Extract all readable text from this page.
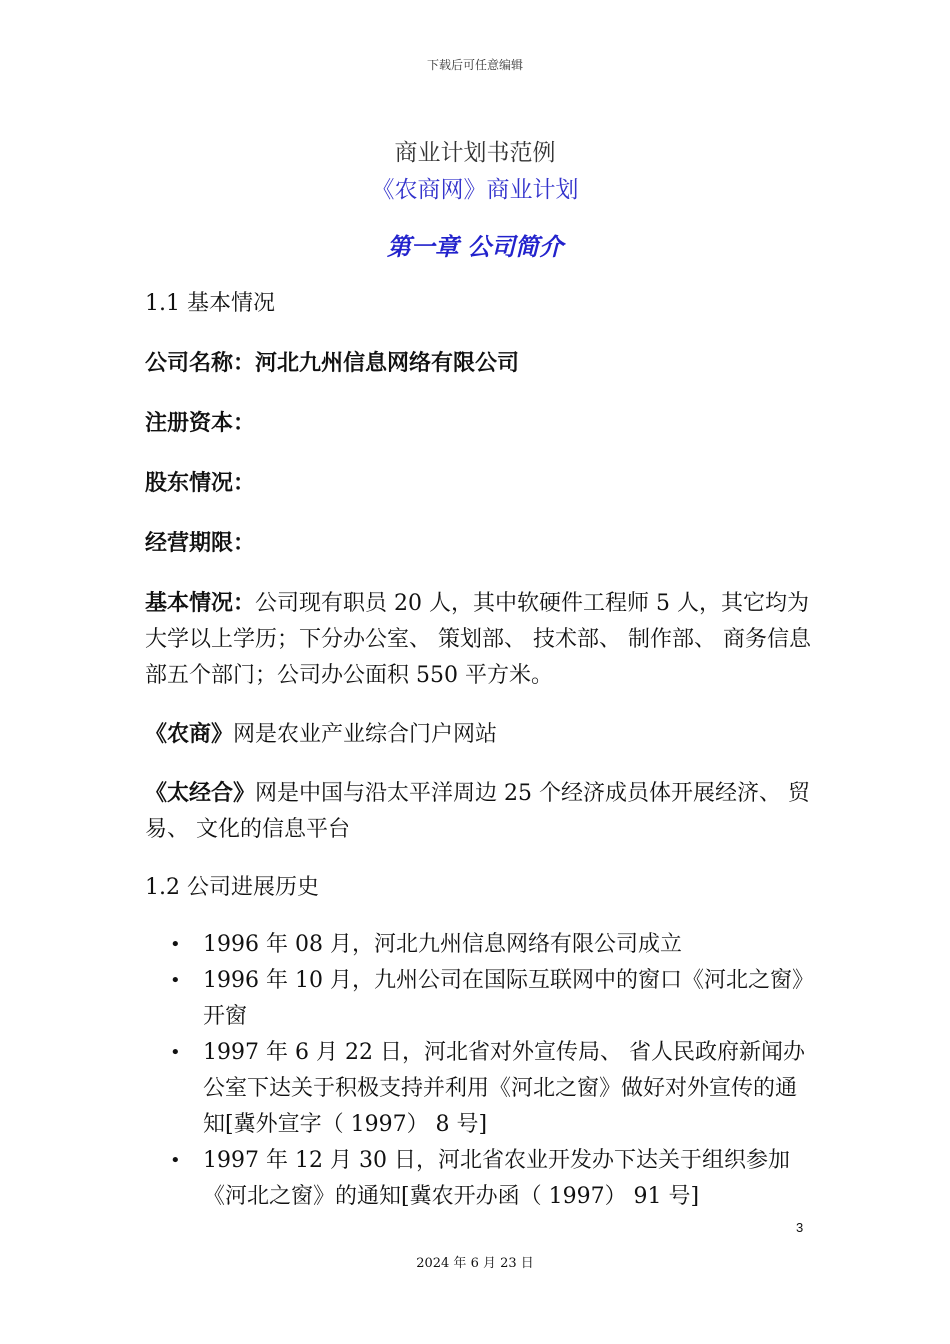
下载后可任意编辑
商业计划书范例
《农商网》商业计划
第一章 公司简介
1.1 基本情况
公司名称：河北九州信息网络有限公司
注册资本：
股东情况：
经营期限：
基本情况：公司现有职员 20 人，其中软硬件工程师 5 人，其它均为大学以上学历；下分办公室、 策划部、 技术部、 制作部、 商务信息部五个部门；公司办公面积 550 平方米。
《农商》网是农业产业综合门户网站
《太经合》网是中国与沿太平洋周边 25 个经济成员体开展经济、 贸易、 文化的信息平台
1.2 公司进展历史
• 1996 年 08 月，河北九州信息网络有限公司成立
• 1996 年 10 月，九州公司在国际互联网中的窗口《河北之窗》开窗
• 1997 年 6 月 22 日，河北省对外宣传局、 省人民政府新闻办公室下达关于积极支持并利用《河北之窗》做好对外宣传的通知[冀外宣字（ 1997） 8 号]
• 1997 年 12 月 30 日，河北省农业开发办下达关于组织参加《河北之窗》的通知[冀农开办函（ 1997） 91 号]
3
2024 年 6 月 23 日
